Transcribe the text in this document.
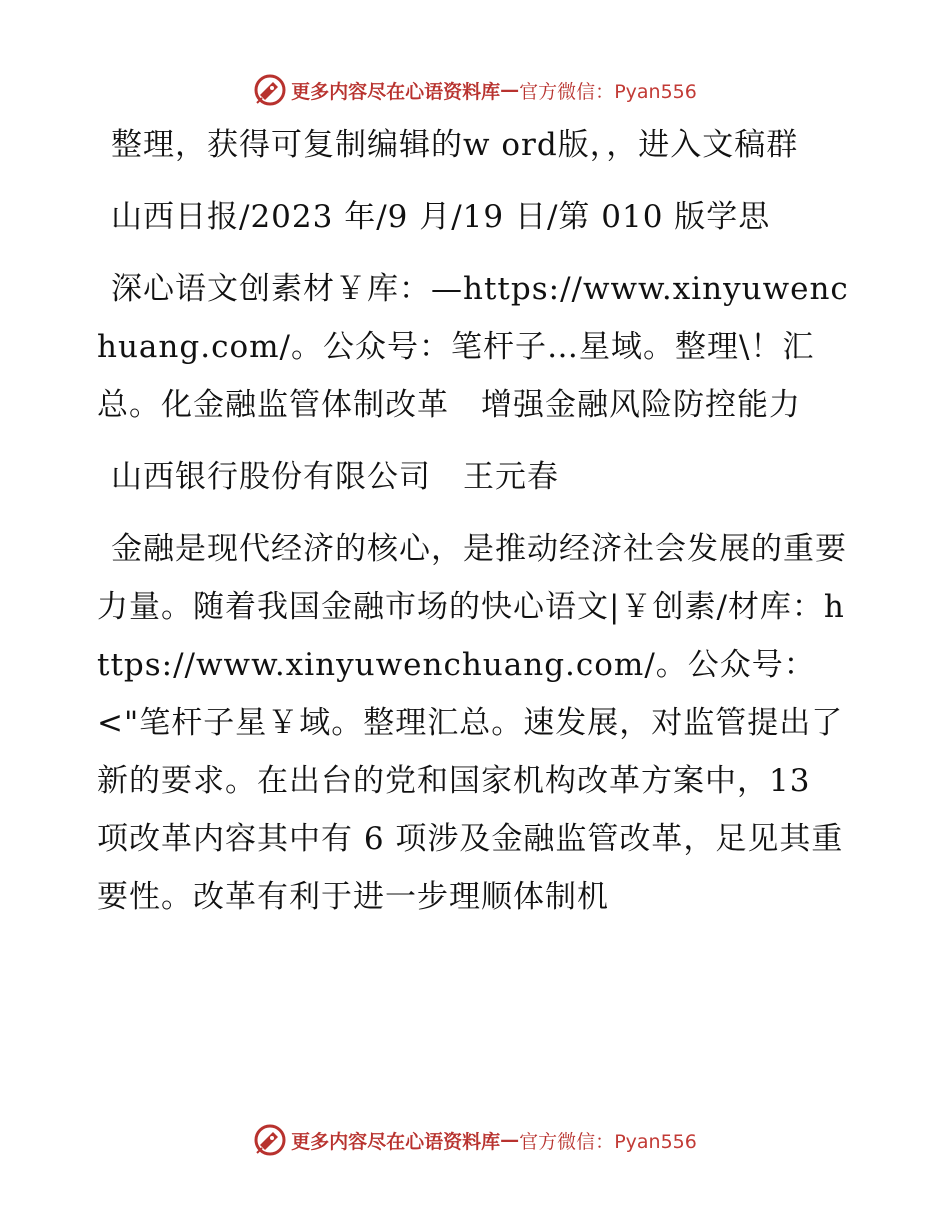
更多内容尽在心语资料库 — 官方微信：Pyan556

整理，获得可复制编辑的w ord版，，进入文稿群

山西日报/2023 年/9 月/19 日/第 010 版学思

深心语文创素材￥库：—https://www.xinyuwenchuang.com/。公众号：笔杆子…星域。整理\！汇总。化金融监管体制改革　增强金融风险防控能力

山西银行股份有限公司　王元春

金融是现代经济的核心，是推动经济社会发展的重要力量。随着我国金融市场的快心语文|￥创素/材库：https://www.xinyuwenchuang.com/。公众号：<"笔杆子星￥域。整理汇总。速发展，对监管提出了新的要求。在出台的党和国家机构改革方案中，13 项改革内容其中有 6 项涉及金融监管改革，足见其重要性。改革有利于进一步理顺体制机

更多内容尽在心语资料库 — 官方微信：Pyan556
